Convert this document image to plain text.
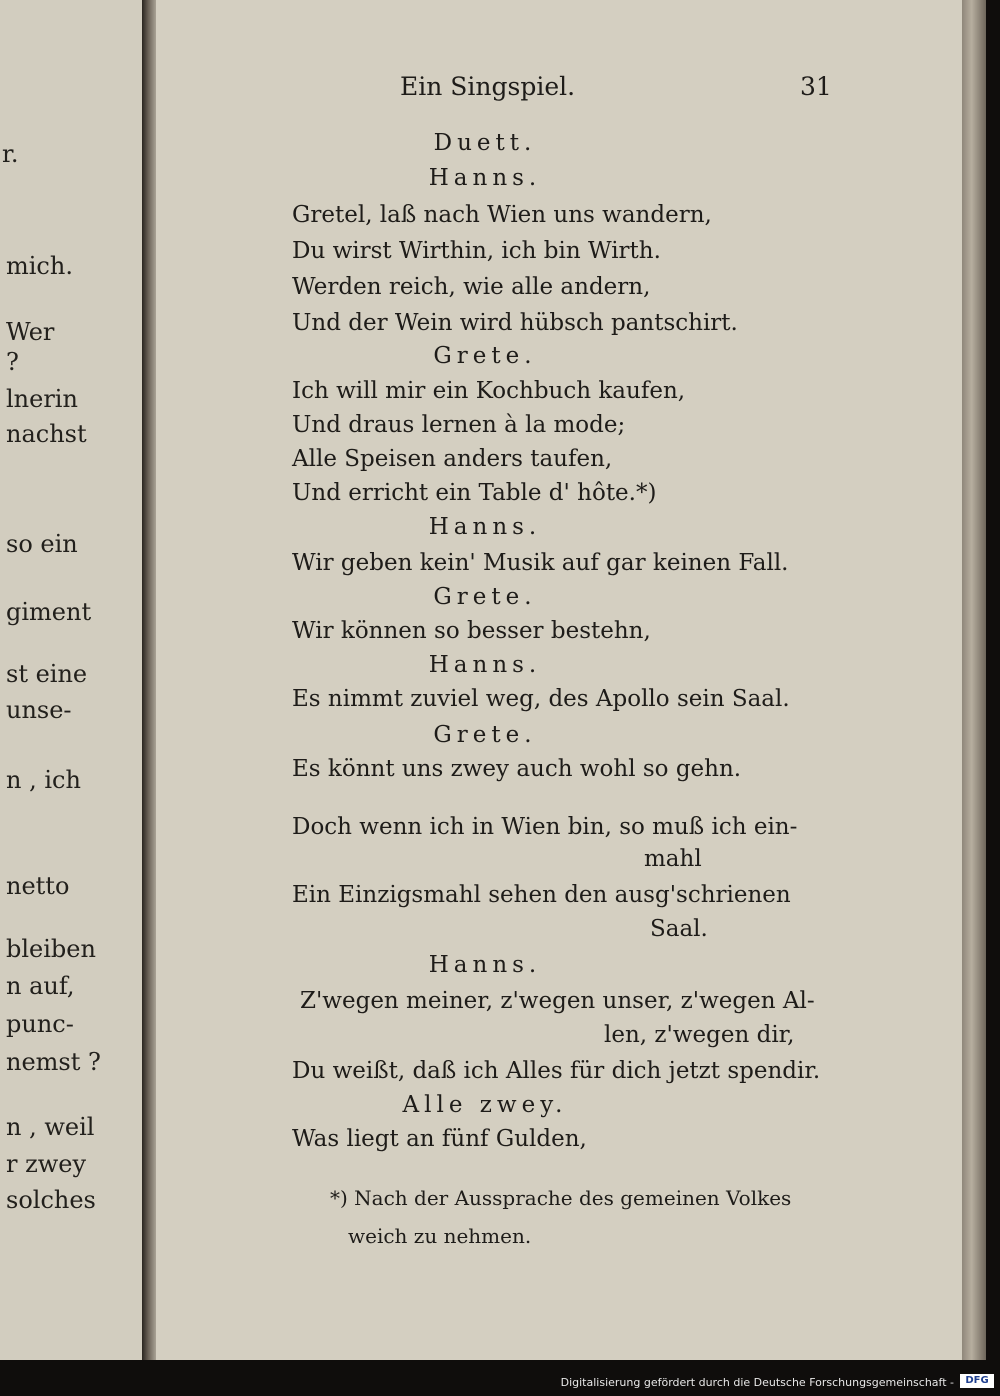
r.
mich.
Wer
?
lnerin
nachst
so ein
giment
st eine
unse-
n , ich
netto
bleiben
n auf,
punc-
nemst ?
n , weil
r zwey
solches
Ein Singspiel.	31
Duett.
Hanns.
Gretel, laß nach Wien uns wandern,
Du wirst Wirthin, ich bin Wirth.
Werden reich, wie alle andern,
Und der Wein wird hübsch pantschirt.
Grete.
Ich will mir ein Kochbuch kaufen,
Und draus lernen à la mode;
Alle Speisen anders taufen,
Und erricht ein Table d' hôte.*)
Hanns.
Wir geben kein' Musik auf gar keinen Fall.
Grete.
Wir können so besser bestehn,
Hanns.
Es nimmt zuviel weg, des Apollo sein Saal.
Grete.
Es könnt uns zwey auch wohl so gehn.
Doch wenn ich in Wien bin, so muß ich ein-
mahl
Ein Einzigsmahl sehen den ausg'schrienen
Saal.
Hanns.
Z'wegen meiner, z'wegen unser, z'wegen Al-
len, z'wegen dir,
Du weißt, daß ich Alles für dich jetzt spendir.
Alle zwey.
Was liegt an fünf Gulden,
*) Nach der Aussprache des gemeinen Volkes
weich zu nehmen.
Digitalisierung gefördert durch die Deutsche Forschungsgemeinschaft -	DFG
